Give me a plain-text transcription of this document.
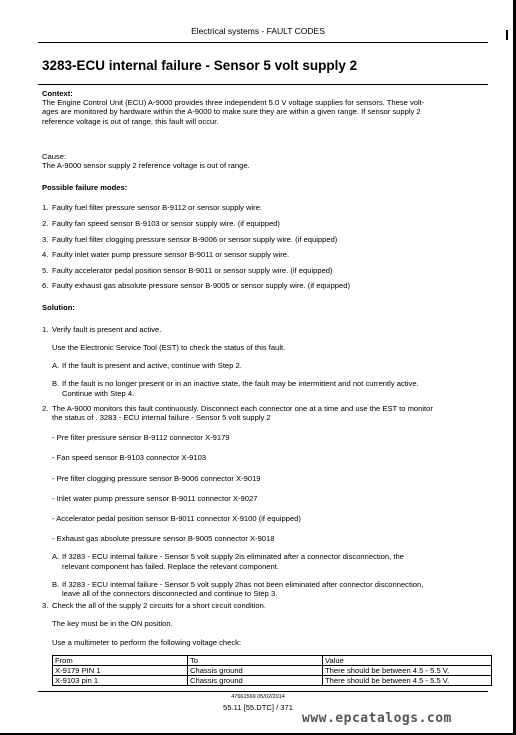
Electrical systems - FAULT CODES
3283-ECU internal failure - Sensor 5 volt supply 2

Context:

The Engine Control Unit (ECU) A-9000 provides three independent 5.0 V voltage supplies for sensors. These volt-

ages are monitored by hardware within the A-9000 to make sure they are within a given range. If sensor supply 2

reference voltage is out of range, this fault will occur.

Cause:

The A-9000 sensor supply 2 reference voltage is out of range.

Possible failure modes:

1. Faulty fuel filter pressure sensor B-9112 or sensor supply wire.
2. Faulty fan speed sensor B-9103 or sensor supply wire. (if equipped)
3. Faulty fuel filter clogging pressure sensor B-9006 or sensor supply wire. (if equipped)
4. Faulty inlet water pump pressure sensor B-9011 or sensor supply wire.
5. Faulty accelerator pedal position sensor B-9011 or sensor supply wire. (if equipped)
6. Faulty exhaust gas absolute pressure sensor B-9005 or sensor supply wire. (if equipped)

Solution:

1. Verify fault is present and active.

Use the Electronic Service Tool (EST) to check the status of this fault.

A. If the fault is present and active, continue with Step 2.
B. If the fault is no longer present or in an inactive state, the fault may be intermittent and not currently active.

Continue with Step 4.

2. The A-9000 monitors this fault continuously. Disconnect each connector one at a time and use the EST to monitor

the status of . 3283 - ECU internal failure - Sensor 5 volt supply 2

- Pre filter pressure sensor B-9112 connector X-9179

- Fan speed sensor B-9103 connector X-9103

- Pre filter clogging pressure sensor B-9006 connector X-9019

- Inlet water pump pressure sensor B-9011 connector X-9027

- Accelerator pedal position sensor B-9011 connector X-9100 (if equipped)

- Exhaust gas absolute pressure sensor B-9005 connector X-9018

A. If 3283 - ECU internal failure - Sensor 5 volt supply 2is eliminated after a connector disconnection, the

relevant component has failed. Replace the relevant component.

B. If 3283 - ECU internal failure - Sensor 5 volt supply 2has not been eliminated after connector disconnection,

leave all of the connectors disconnected and continue to Step 3.

3. Check the all of the supply 2 circuits for a short circuit condition.

The key must be in the ON position.

Use a multimeter to perform the following voltage check:

From	To	Value
X-9179 PIN 1	Chassis ground	There should be between 4.5 - 5.5 V.
X-9103 pin 1	Chassis ground	There should be between 4.5 - 5.5 V.
47661569 05/02/2014
55.11 [55.DTC] / 371
www.epcatalogs.com
